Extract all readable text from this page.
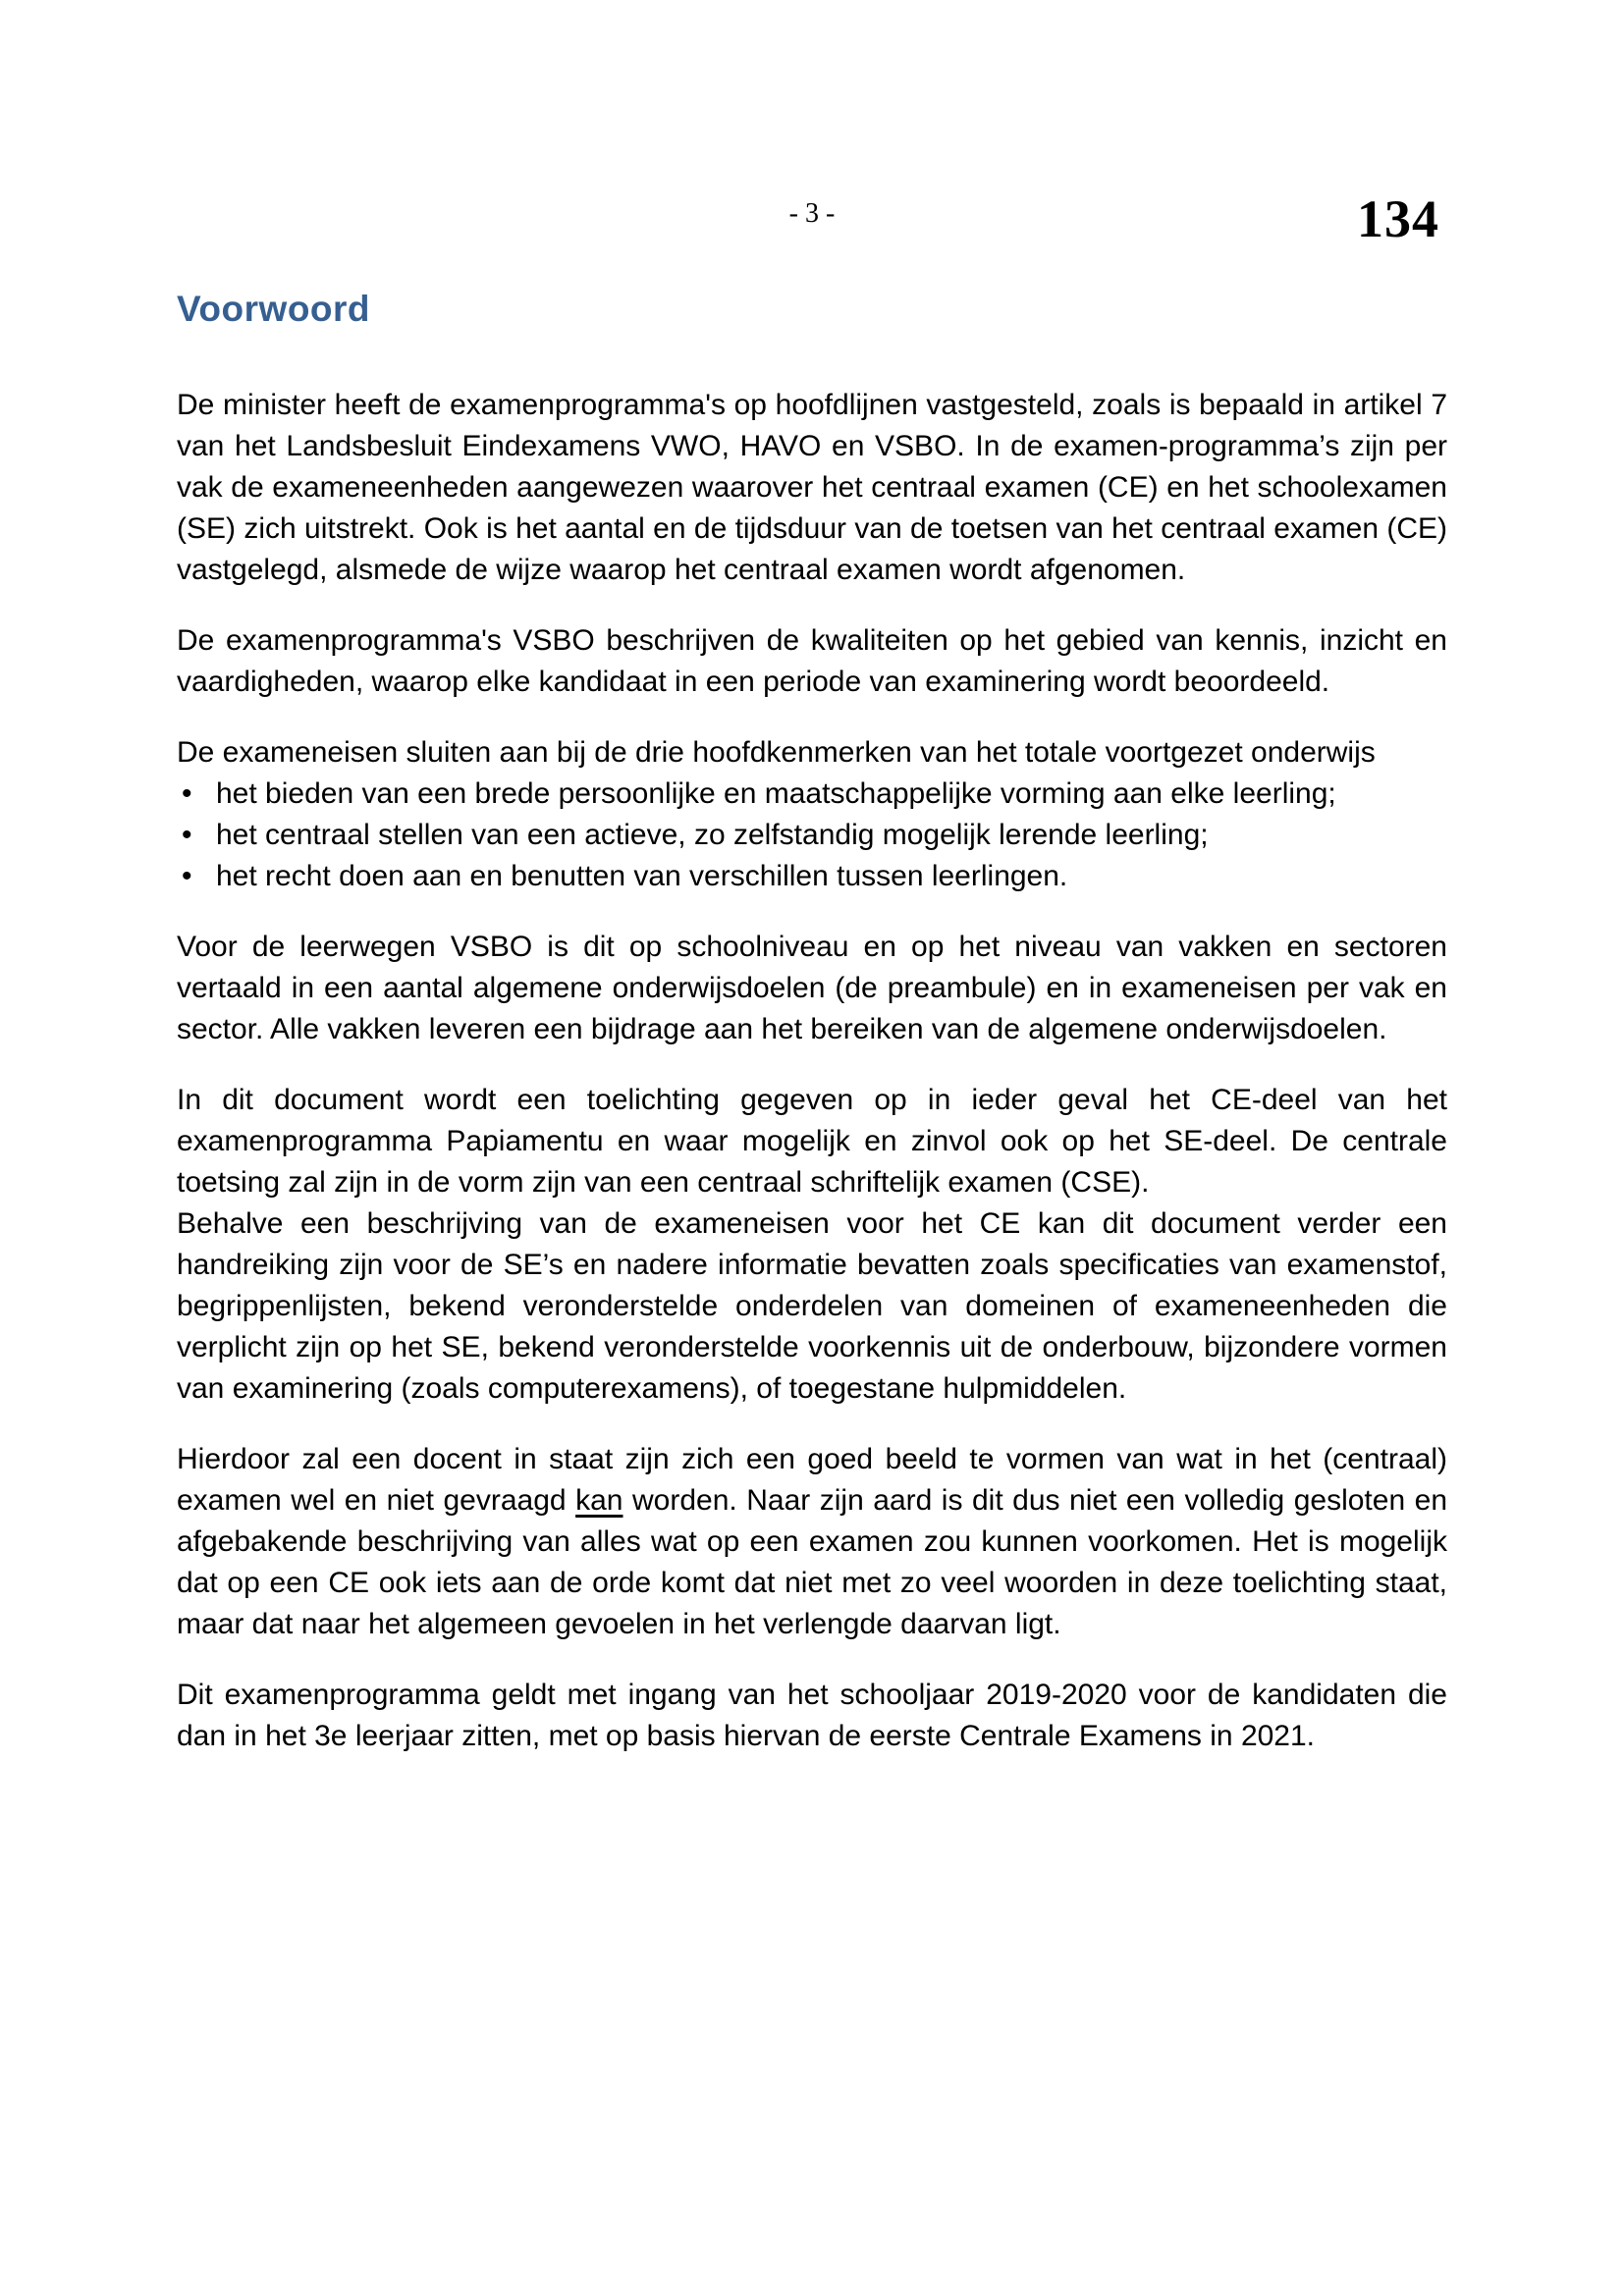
- 3 -	134
Voorwoord

De minister heeft de examenprogramma's op hoofdlijnen vastgesteld, zoals is bepaald in artikel 7 van het Landsbesluit Eindexamens VWO, HAVO en VSBO. In de examen-programma’s zijn per vak de exameneenheden aangewezen waarover het centraal examen (CE) en het schoolexamen (SE) zich uitstrekt. Ook is het aantal en de tijdsduur van de toetsen van het centraal examen (CE) vastgelegd, alsmede de wijze waarop het centraal examen wordt afgenomen.

De examenprogramma's VSBO beschrijven de kwaliteiten op het gebied van kennis, inzicht en vaardigheden, waarop elke kandidaat in een periode van examinering wordt beoordeeld.

De exameneisen sluiten aan bij de drie hoofdkenmerken van het totale voortgezet onderwijs

• het bieden van een brede persoonlijke en maatschappelijke vorming aan elke leerling;
• het centraal stellen van een actieve, zo zelfstandig mogelijk lerende leerling;
• het recht doen aan en benutten van verschillen tussen leerlingen.

Voor de leerwegen VSBO is dit op schoolniveau en op het niveau van vakken en sectoren vertaald in een aantal algemene onderwijsdoelen (de preambule) en in exameneisen per vak en sector. Alle vakken leveren een bijdrage aan het bereiken van de algemene onderwijsdoelen.

In dit document wordt een toelichting gegeven op in ieder geval het CE-deel van het examenprogramma Papiamentu en waar mogelijk en zinvol ook op het SE-deel. De centrale toetsing zal zijn in de vorm zijn van een centraal schriftelijk examen (CSE).

Behalve een beschrijving van de exameneisen voor het CE kan dit document verder een handreiking zijn voor de SE’s en nadere informatie bevatten zoals specificaties van examenstof, begrippenlijsten, bekend veronderstelde onderdelen van domeinen of exameneenheden die verplicht zijn op het SE, bekend veronderstelde voorkennis uit de onderbouw, bijzondere vormen van examinering (zoals computerexamens), of toegestane hulpmiddelen.

Hierdoor zal een docent in staat zijn zich een goed beeld te vormen van wat in het (centraal) examen wel en niet gevraagd kan worden. Naar zijn aard is dit dus niet een volledig gesloten en afgebakende beschrijving van alles wat op een examen zou kunnen voorkomen. Het is mogelijk dat op een CE ook iets aan de orde komt dat niet met zo veel woorden in deze toelichting staat, maar dat naar het algemeen gevoelen in het verlengde daarvan ligt.

Dit examenprogramma geldt met ingang van het schooljaar 2019-2020 voor de kandidaten die dan in het 3e leerjaar zitten, met op basis hiervan de eerste Centrale Examens in 2021.
